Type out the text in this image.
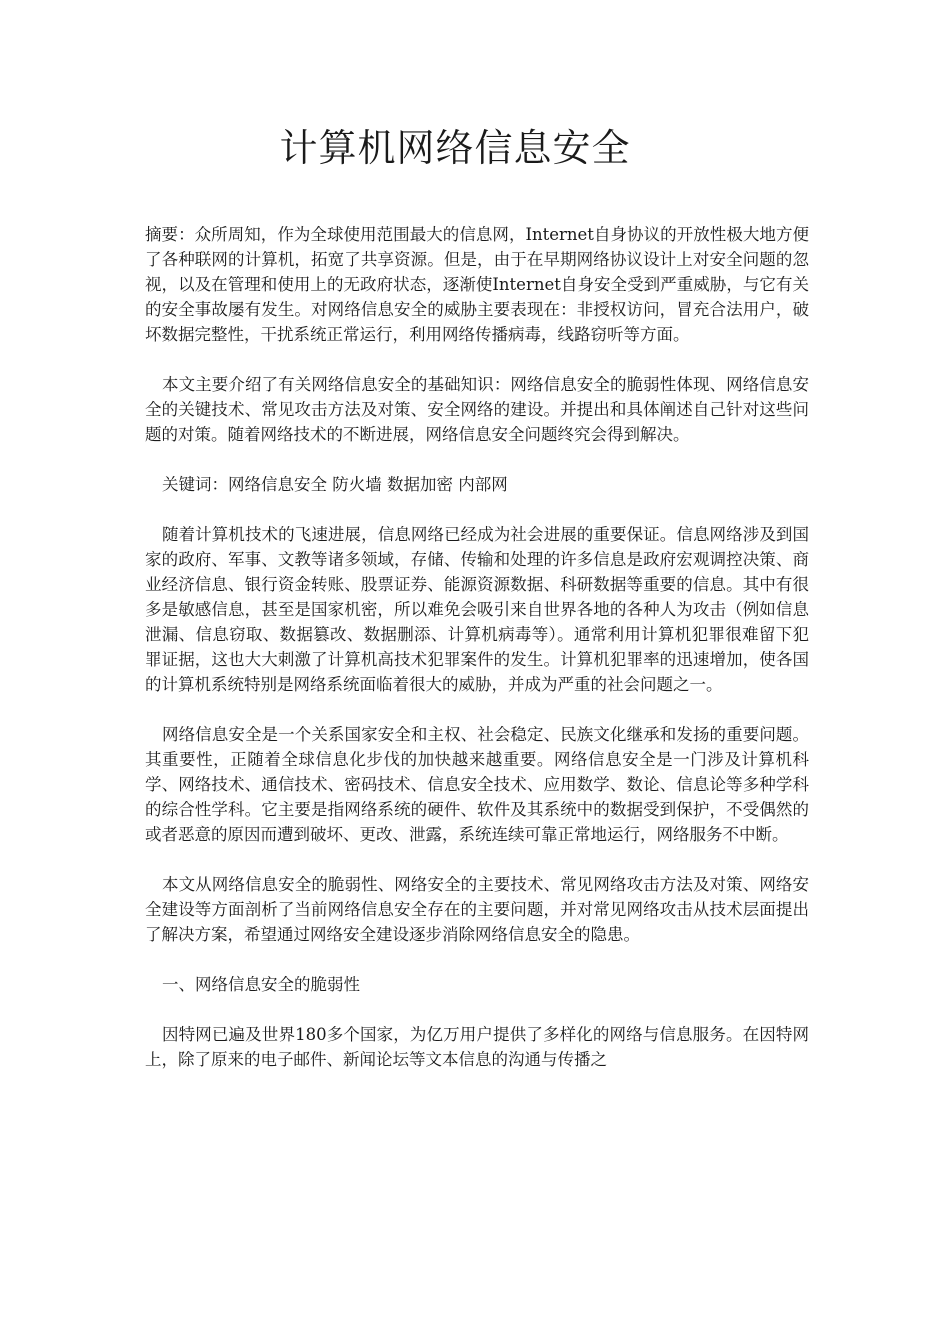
计算机网络信息安全

摘要：众所周知，作为全球使用范围最大的信息网，Internet自身协议的开放性极大地方便了各种联网的计算机，拓宽了共享资源。但是，由于在早期网络协议设计上对安全问题的忽视，以及在管理和使用上的无政府状态，逐渐使Internet自身安全受到严重威胁，与它有关的安全事故屡有发生。对网络信息安全的威胁主要表现在：非授权访问，冒充合法用户，破坏数据完整性，干扰系统正常运行，利用网络传播病毒，线路窃听等方面。

本文主要介绍了有关网络信息安全的基础知识：网络信息安全的脆弱性体现、网络信息安全的关键技术、常见攻击方法及对策、安全网络的建设。并提出和具体阐述自己针对这些问题的对策。随着网络技术的不断进展，网络信息安全问题终究会得到解决。

关键词：网络信息安全 防火墙 数据加密 内部网

随着计算机技术的飞速进展，信息网络已经成为社会进展的重要保证。信息网络涉及到国家的政府、军事、文教等诸多领域，存储、传输和处理的许多信息是政府宏观调控决策、商业经济信息、银行资金转账、股票证券、能源资源数据、科研数据等重要的信息。其中有很多是敏感信息，甚至是国家机密，所以难免会吸引来自世界各地的各种人为攻击（例如信息泄漏、信息窃取、数据篡改、数据删添、计算机病毒等）。通常利用计算机犯罪很难留下犯罪证据，这也大大刺激了计算机高技术犯罪案件的发生。计算机犯罪率的迅速增加，使各国的计算机系统特别是网络系统面临着很大的威胁，并成为严重的社会问题之一。

网络信息安全是一个关系国家安全和主权、社会稳定、民族文化继承和发扬的重要问题。其重要性，正随着全球信息化步伐的加快越来越重要。网络信息安全是一门涉及计算机科学、网络技术、通信技术、密码技术、信息安全技术、应用数学、数论、信息论等多种学科的综合性学科。它主要是指网络系统的硬件、软件及其系统中的数据受到保护，不受偶然的或者恶意的原因而遭到破坏、更改、泄露，系统连续可靠正常地运行，网络服务不中断。

本文从网络信息安全的脆弱性、网络安全的主要技术、常见网络攻击方法及对策、网络安全建设等方面剖析了当前网络信息安全存在的主要问题，并对常见网络攻击从技术层面提出了解决方案，希望通过网络安全建设逐步消除网络信息安全的隐患。

一、网络信息安全的脆弱性

因特网已遍及世界180多个国家，为亿万用户提供了多样化的网络与信息服务。在因特网上，除了原来的电子邮件、新闻论坛等文本信息的沟通与传播之
